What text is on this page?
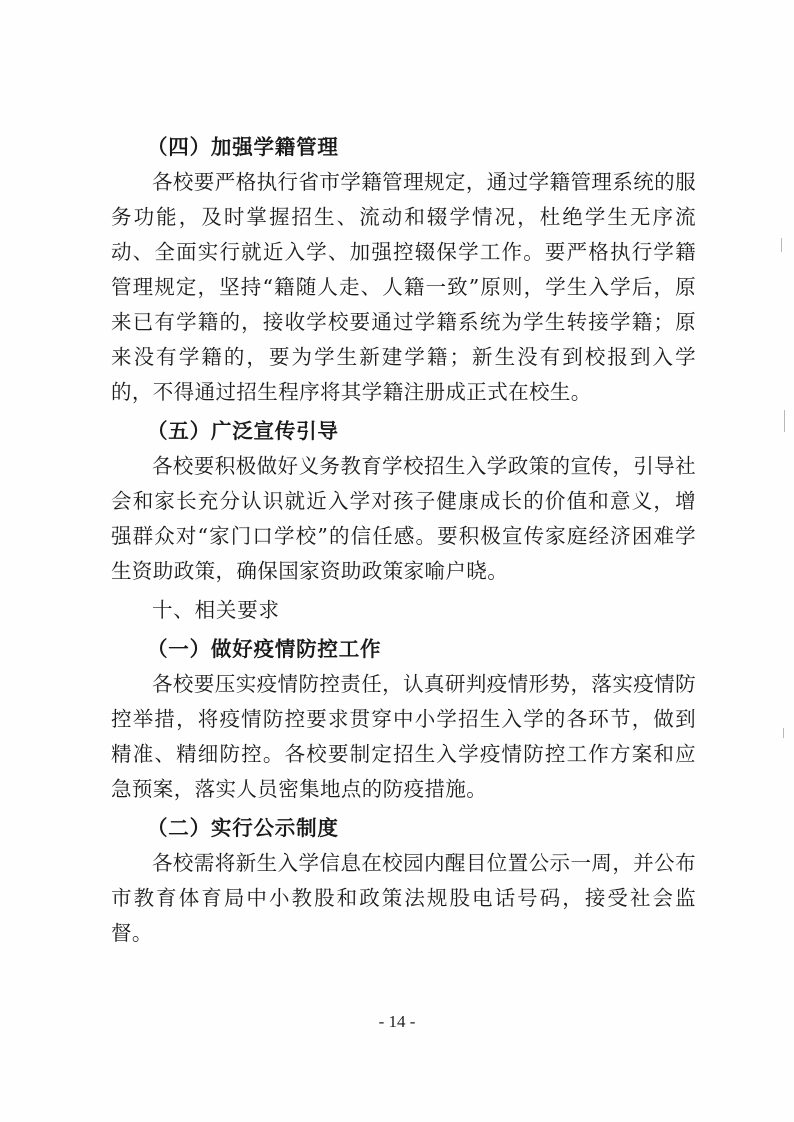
（四）加强学籍管理

各校要严格执行省市学籍管理规定，通过学籍管理系统的服务功能，及时掌握招生、流动和辍学情况，杜绝学生无序流动、全面实行就近入学、加强控辍保学工作。要严格执行学籍管理规定，坚持“籍随人走、人籍一致”原则，学生入学后，原来已有学籍的，接收学校要通过学籍系统为学生转接学籍；原来没有学籍的，要为学生新建学籍；新生没有到校报到入学的，不得通过招生程序将其学籍注册成正式在校生。

（五）广泛宣传引导

各校要积极做好义务教育学校招生入学政策的宣传，引导社会和家长充分认识就近入学对孩子健康成长的价值和意义，增强群众对“家门口学校”的信任感。要积极宣传家庭经济困难学生资助政策，确保国家资助政策家喻户晓。

十、相关要求

（一）做好疫情防控工作

各校要压实疫情防控责任，认真研判疫情形势，落实疫情防控举措，将疫情防控要求贯穿中小学招生入学的各环节，做到精准、精细防控。各校要制定招生入学疫情防控工作方案和应急预案，落实人员密集地点的防疫措施。

（二）实行公示制度

各校需将新生入学信息在校园内醒目位置公示一周，并公布市教育体育局中小教股和政策法规股电话号码，接受社会监督。

- 14 -
